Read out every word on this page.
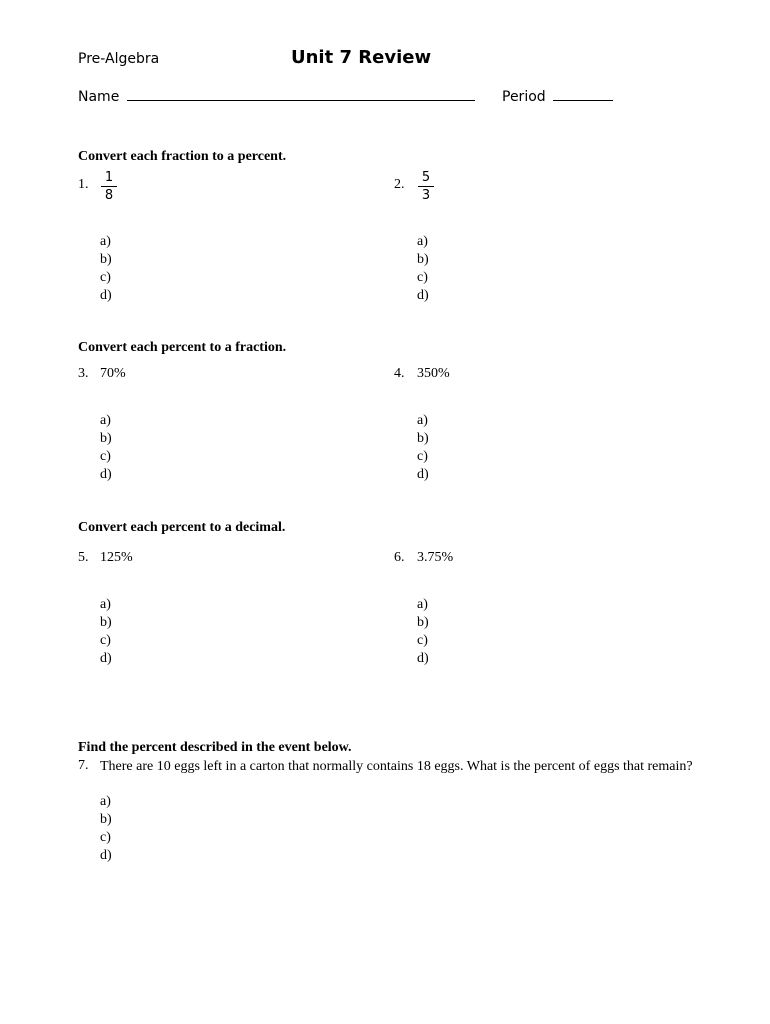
Pre-Algebra	Unit 7 Review
Name	Period
Convert each fraction to a percent.
1. $\frac{1}{8}$
a)
b)
c)
d)
2. $\frac{5}{3}$
a)
b)
c)
d)
Convert each percent to a fraction.
3. 70%
a)
b)
c)
d)
4. 350%
a)
b)
c)
d)
Convert each percent to a decimal.
5. 125%
a)
b)
c)
d)
6. 3.75%
a)
b)
c)
d)
Find the percent described in the event below.
7. There are 10 eggs left in a carton that normally contains 18 eggs. What is the percent of eggs that remain?
a)
b)
c)
d)
